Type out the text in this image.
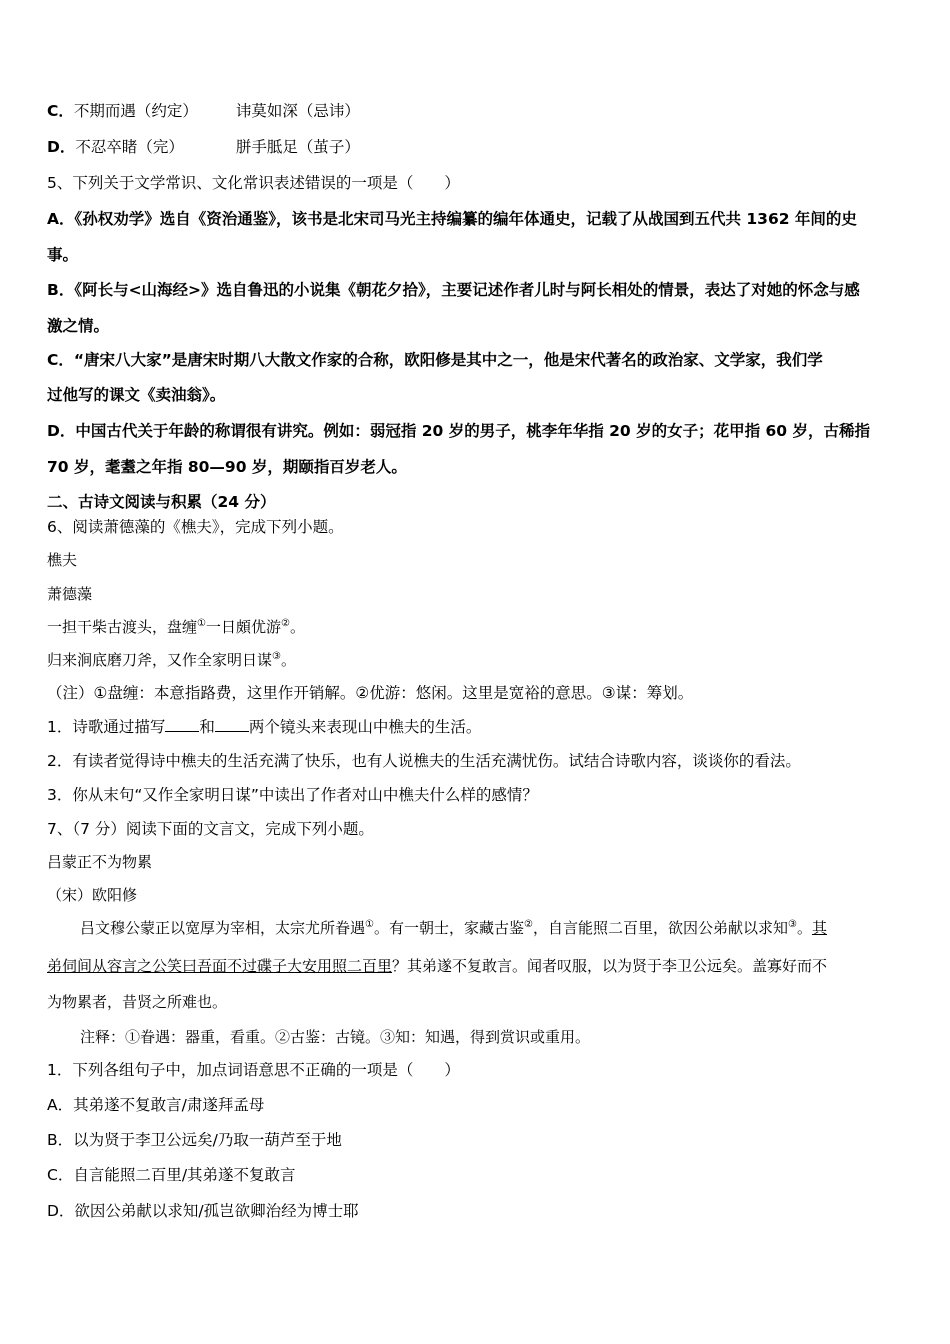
C．不期而遇（约定） 讳莫如深（忌讳）
D．不忍卒睹（完）	胼手胝足（茧子）
5、下列关于文学常识、文化常识表述错误的一项是（　　）
A．《孙权劝学》选自《资治通鉴》，该书是北宋司马光主持编纂的编年体通史，记载了从战国到五代共 1362 年间的史
事。
B．《阿长与<山海经>》选自鲁迅的小说集《朝花夕拾》，主要记述作者儿时与阿长相处的情景，表达了对她的怀念与感
激之情。
C．“唐宋八大家”是唐宋时期八大散文作家的合称，欧阳修是其中之一，他是宋代著名的政治家、文学家，我们学
过他写的课文《卖油翁》。
D．中国古代关于年龄的称谓很有讲究。例如：弱冠指 20 岁的男子，桃李年华指 20 岁的女子；花甲指 60 岁，古稀指
70 岁，耄耋之年指 80—90 岁，期颐指百岁老人。
二、古诗文阅读与积累（24 分）
6、阅读萧德藻的《樵夫》，完成下列小题。
樵夫
萧德藻
一担干柴古渡头，盘缠①一日頗优游②。
归来涧底磨刀斧，又作全家明日谋③。
（注）①盘缠：本意指路费，这里作开销解。②优游：悠闲。这里是宽裕的意思。③谋：筹划。
1．诗歌通过描写 和 两个镜头来表现山中樵夫的生活。
2．有读者觉得诗中樵夫的生活充满了快乐，也有人说樵夫的生活充满忧伤。试结合诗歌内容，谈谈你的看法。
3．你从末句“又作全家明日谋”中读出了作者对山中樵夫什么样的感情？
7、（7 分）阅读下面的文言文，完成下列小题。
吕蒙正不为物累
（宋）欧阳修
吕文穆公蒙正以宽厚为宰相，太宗尤所眷遇①。有一朝士，家藏古鉴②，自言能照二百里，欲因公弟献以求知③。其
弟伺间从容言之公笑曰吾面不过碟子大安用照二百里？其弟遂不复敢言。闻者叹服，以为贤于李卫公远矣。盖寡好而不
为物累者，昔贤之所难也。
注释：①眷遇：器重，看重。②古鉴：古镜。③知：知遇，得到赏识或重用。
1．下列各组句子中，加点词语意思不正确的一项是（　　）
A．其弟遂不复敢言/肃遂拜孟母
B．以为贤于李卫公远矣/乃取一葫芦至于地
C．自言能照二百里/其弟遂不复敢言
D．欲因公弟献以求知/孤岂欲卿治经为博士耶
